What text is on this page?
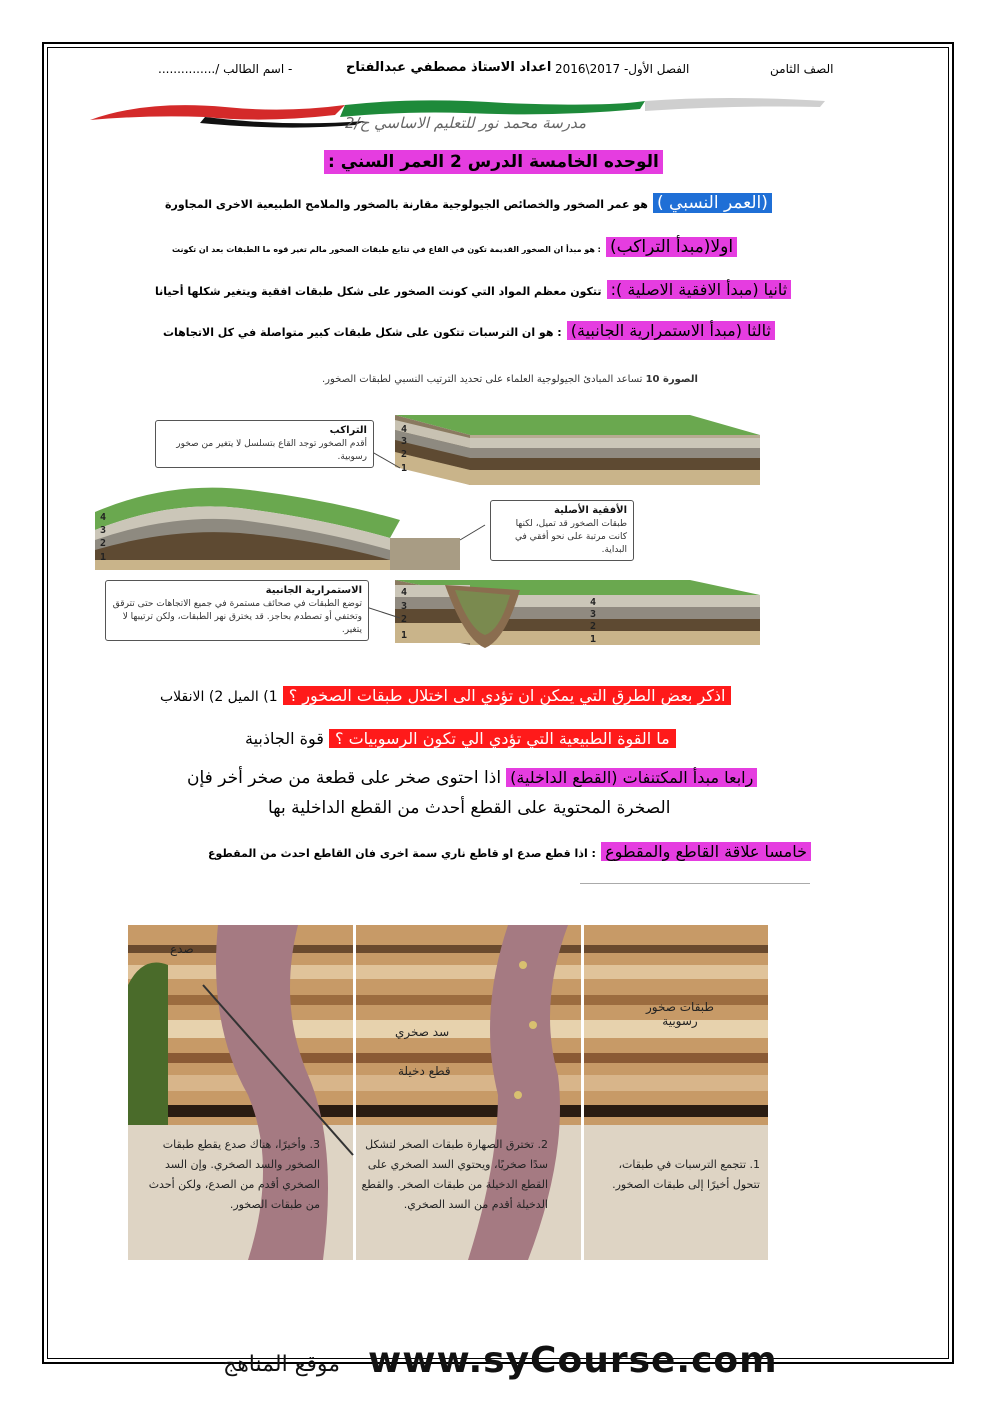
الصف الثامن
الفصل الأول- 2017\2016
اعداد الاستاذ مصطفي عبدالفتاح
- اسم الطالب /...............
مدرسة محمد نور للتعليم الاساسي ح/2
الوحده الخامسة الدرس 2 العمر السني :
(العمر النسبي ) هو عمر الصخور والخصائص الجيولوجية مقارنة بالصخور والملامح الطبيعية الاخرى المجاورة
اولا(مبدأ التراكب) : هو مبدأ ان الصخور القديمة تكون في القاع في تتابع طبقات الصخور مالم تغير قوه ما الطبقات بعد ان تكونت
ثانيا (مبدأ الافقية الاصلية ): تتكون معظم المواد التي كونت الصخور على شكل طبقات افقية ويتغير شكلها أحيانا
ثالثا (مبدأ الاستمرارية الجانبية) : هو ان الترسبات تتكون على شكل طبقات كبير متواصلة في كل الاتجاهات
الصورة 10 تساعد المبادئ الجيولوجية العلماء على تحديد الترتيب النسبي لطبقات الصخور.
4
3
2
1
4
3
2
1
4
3
2
1
4
3
2
1
التراكب
أقدم الصخور توجد القاع بتسلسل لا يتغير من صخور رسوبية.
الأفقية الأصلية
طبقات الصخور قد تميل، لكنها كانت مرتبة على نحو أفقي في البداية.
الاستمرارية الجانبية
توضع الطبقات في صحائف مستمرة في جميع الاتجاهات حتى تترقق وتختفي أو تصطدم بحاجز. قد يخترق نهر الطبقات، ولكن ترتيبها لا يتغير.
اذكر بعض الطرق التي يمكن ان تؤدي الى اختلال طبقات الصخور ؟ 1) الميل 2) الانقلاب
ما القوة الطبيعية التي تؤدي الي تكون الرسوبيات ؟ قوة الجاذبية
رابعا مبدأ المكتنفات (القطع الداخلية) اذا احتوى صخر على قطعة من صخر أخر فإن
الصخرة المحتوية على القطع أحدث من القطع الداخلية بها
خامسا علاقة القاطع والمقطوع : اذا قطع صدع او قاطع ناري سمة اخرى فان القاطع احدث من المقطوع
صدع
سد صخري
قطع دخيلة
طبقات صخور رسوبية
3. وأخيرًا، هناك صدع يقطع طبقات الصخور والسد الصخري. وإن السد الصخري أقدم من الصدع، ولكن أحدث من طبقات الصخور.
2. تخترق الصهارة طبقات الصخر لتشكل سدًا صخريًا، ويحتوي السد الصخري على القطع الدخيلة من طبقات الصخر. والقطع الدخيلة أقدم من السد الصخري.
1. تتجمع الترسبات في طبقات، تتحول أخيرًا إلى طبقات الصخور.
www.syCourse.com
موقع المناهج
